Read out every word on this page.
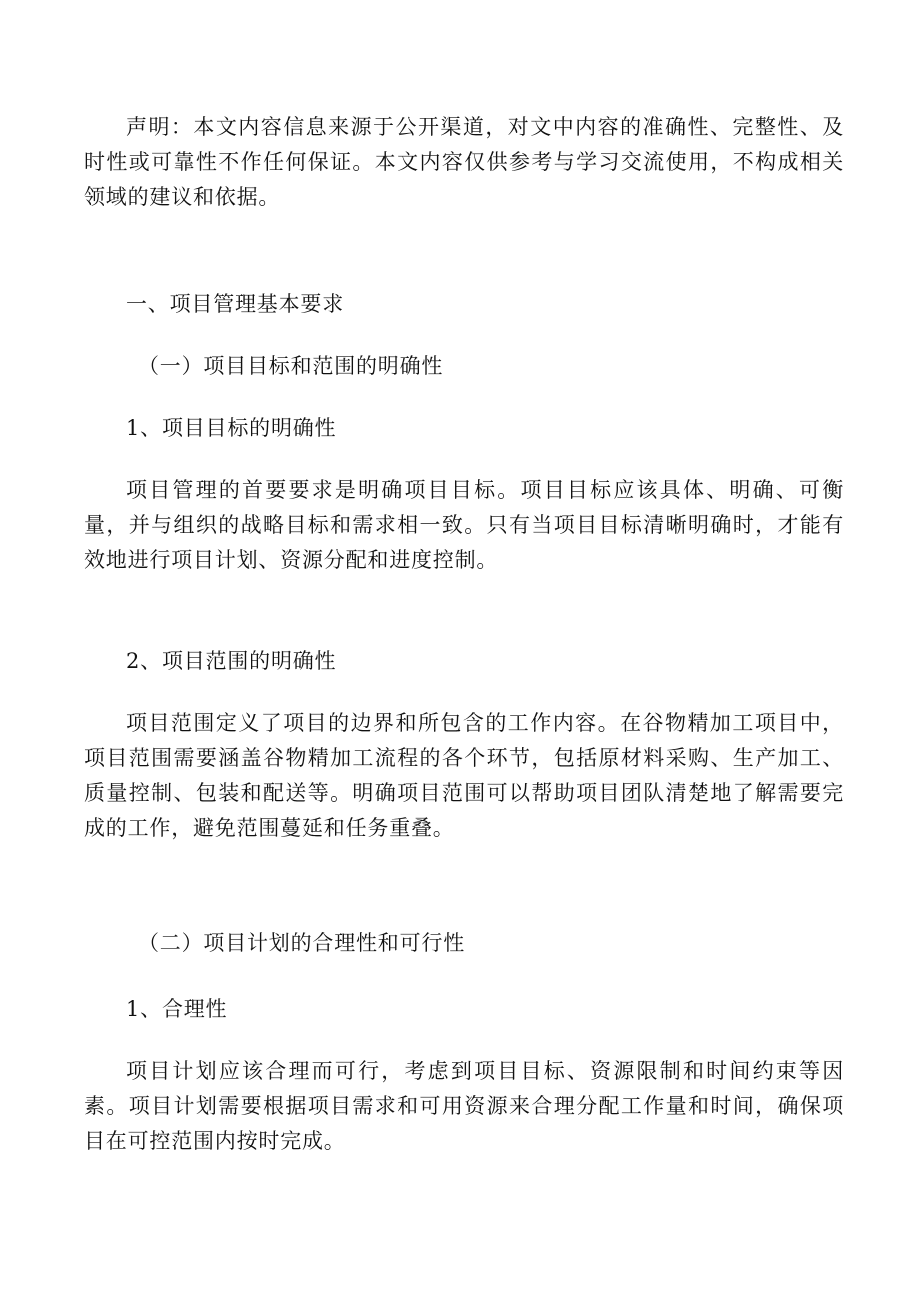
声明：本文内容信息来源于公开渠道，对文中内容的准确性、完整性、及时性或可靠性不作任何保证。本文内容仅供参考与学习交流使用，不构成相关领域的建议和依据。

一、项目管理基本要求

（一）项目目标和范围的明确性

1、项目目标的明确性

项目管理的首要要求是明确项目目标。项目目标应该具体、明确、可衡量，并与组织的战略目标和需求相一致。只有当项目目标清晰明确时，才能有效地进行项目计划、资源分配和进度控制。

2、项目范围的明确性

项目范围定义了项目的边界和所包含的工作内容。在谷物精加工项目中，项目范围需要涵盖谷物精加工流程的各个环节，包括原材料采购、生产加工、质量控制、包装和配送等。明确项目范围可以帮助项目团队清楚地了解需要完成的工作，避免范围蔓延和任务重叠。

（二）项目计划的合理性和可行性

1、合理性

项目计划应该合理而可行，考虑到项目目标、资源限制和时间约束等因素。项目计划需要根据项目需求和可用资源来合理分配工作量和时间，确保项目在可控范围内按时完成。
